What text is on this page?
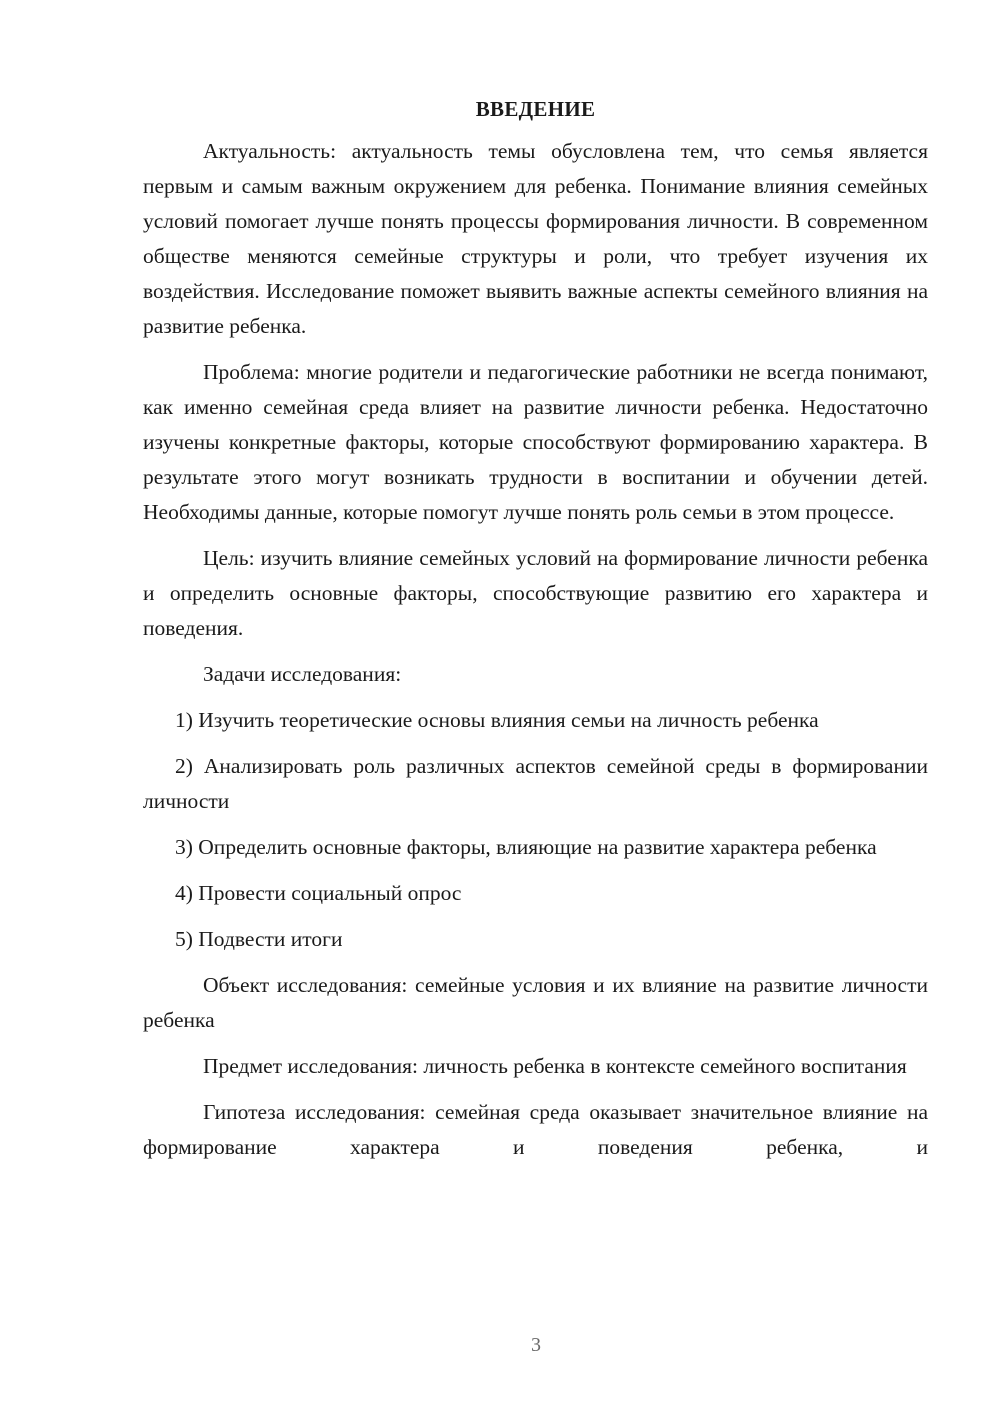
ВВЕДЕНИЕ

Актуальность: актуальность темы обусловлена тем, что семья является первым и самым важным окружением для ребенка. Понимание влияния семейных условий помогает лучше понять процессы формирования личности. В современном обществе меняются семейные структуры и роли, что требует изучения их воздействия. Исследование поможет выявить важные аспекты семейного влияния на развитие ребенка.

Проблема: многие родители и педагогические работники не всегда понимают, как именно семейная среда влияет на развитие личности ребенка. Недостаточно изучены конкретные факторы, которые способствуют формированию характера. В результате этого могут возникать трудности в воспитании и обучении детей. Необходимы данные, которые помогут лучше понять роль семьи в этом процессе.

Цель: изучить влияние семейных условий на формирование личности ребенка и определить основные факторы, способствующие развитию его характера и поведения.

Задачи исследования:

1) Изучить теоретические основы влияния семьи на личность ребенка

2) Анализировать роль различных аспектов семейной среды в формировании личности

3) Определить основные факторы, влияющие на развитие характера ребенка

4) Провести социальный опрос

5) Подвести итоги

Объект исследования: семейные условия и их влияние на развитие личности ребенка

Предмет исследования: личность ребенка в контексте семейного воспитания

Гипотеза исследования: семейная среда оказывает значительное влияние на формирование характера и поведения ребенка, и

3
